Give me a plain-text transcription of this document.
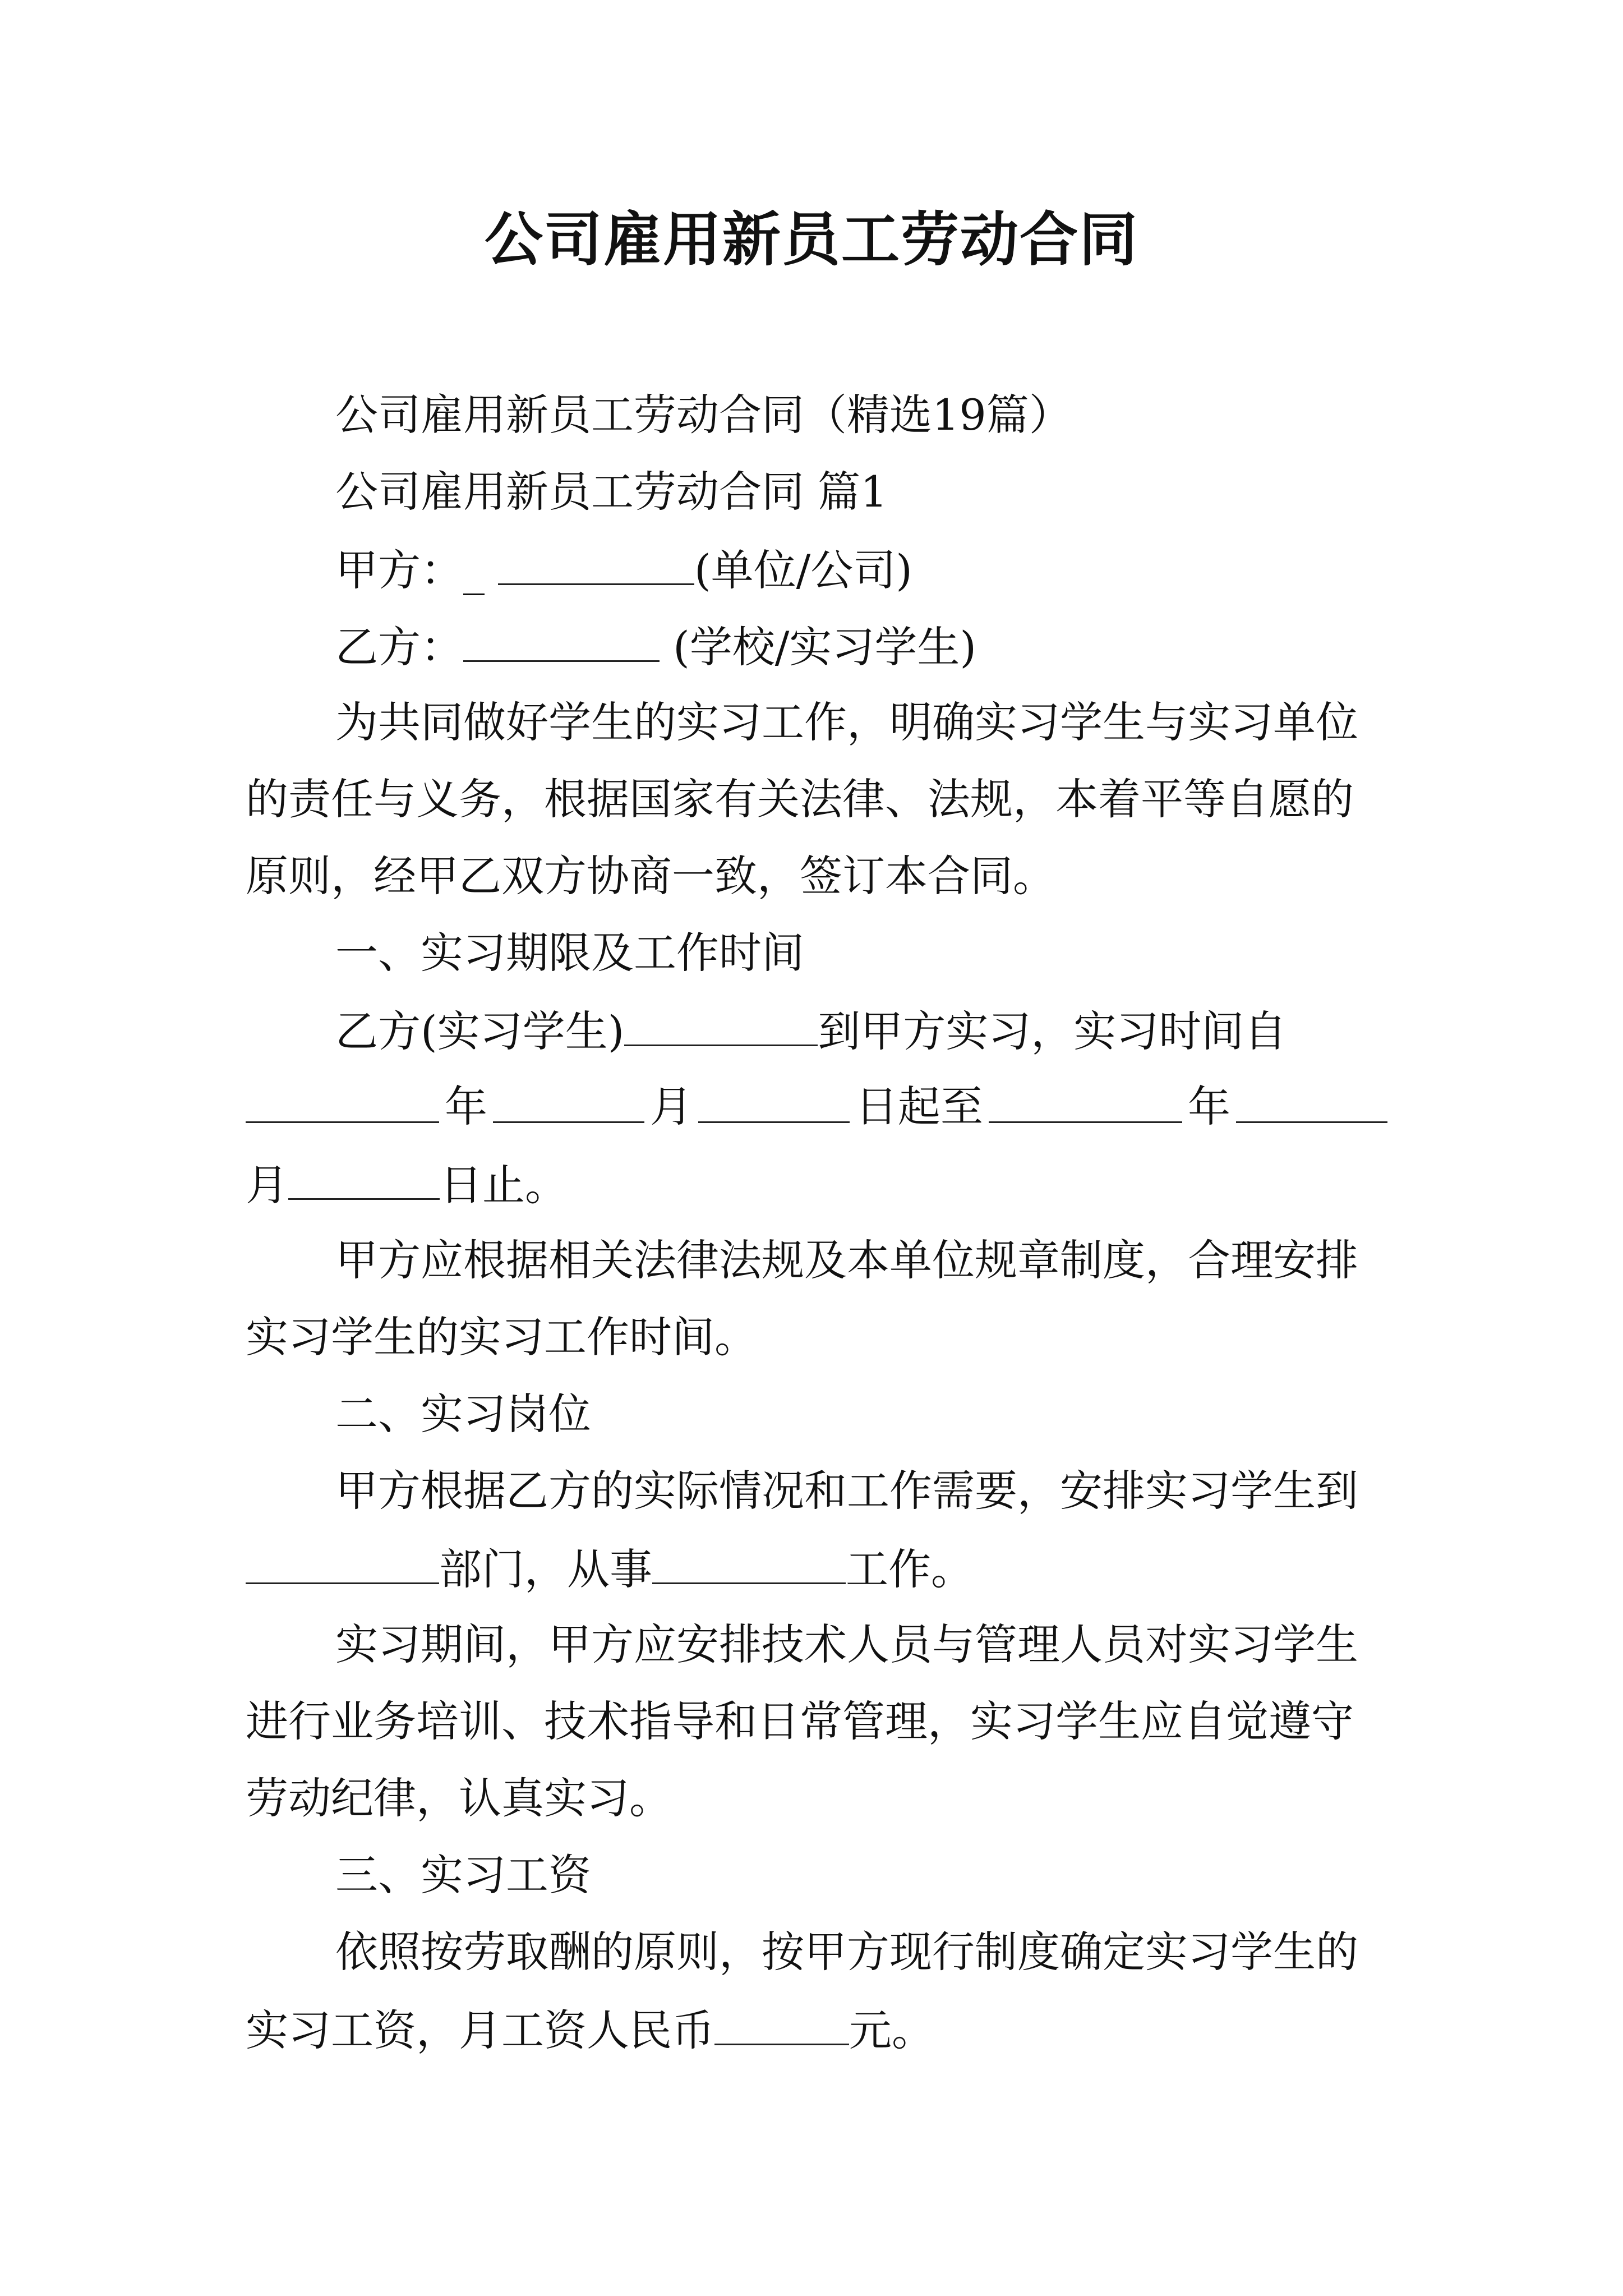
公司雇用新员工劳动合同
公司雇用新员工劳动合同（精选19篇）
公司雇用新员工劳动合同 篇1
甲方：_	(单位/公司)
乙方：	(学校/实习学生)
为共同做好学生的实习工作，明确实习学生与实习单位
的责任与义务，根据国家有关法律、法规，本着平等自愿的
原则，经甲乙双方协商一致，签订本合同。
一、实习期限及工作时间
乙方(实习学生)	到甲方实习，实习时间自
年	月	日起至	年
月	日止。
甲方应根据相关法律法规及本单位规章制度，合理安排
实习学生的实习工作时间。
二、实习岗位
甲方根据乙方的实际情况和工作需要，安排实习学生到
部门，从事	工作。
实习期间，甲方应安排技术人员与管理人员对实习学生
进行业务培训、技术指导和日常管理，实习学生应自觉遵守
劳动纪律，认真实习。
三、实习工资
依照按劳取酬的原则，按甲方现行制度确定实习学生的
实习工资，月工资人民币	元。
